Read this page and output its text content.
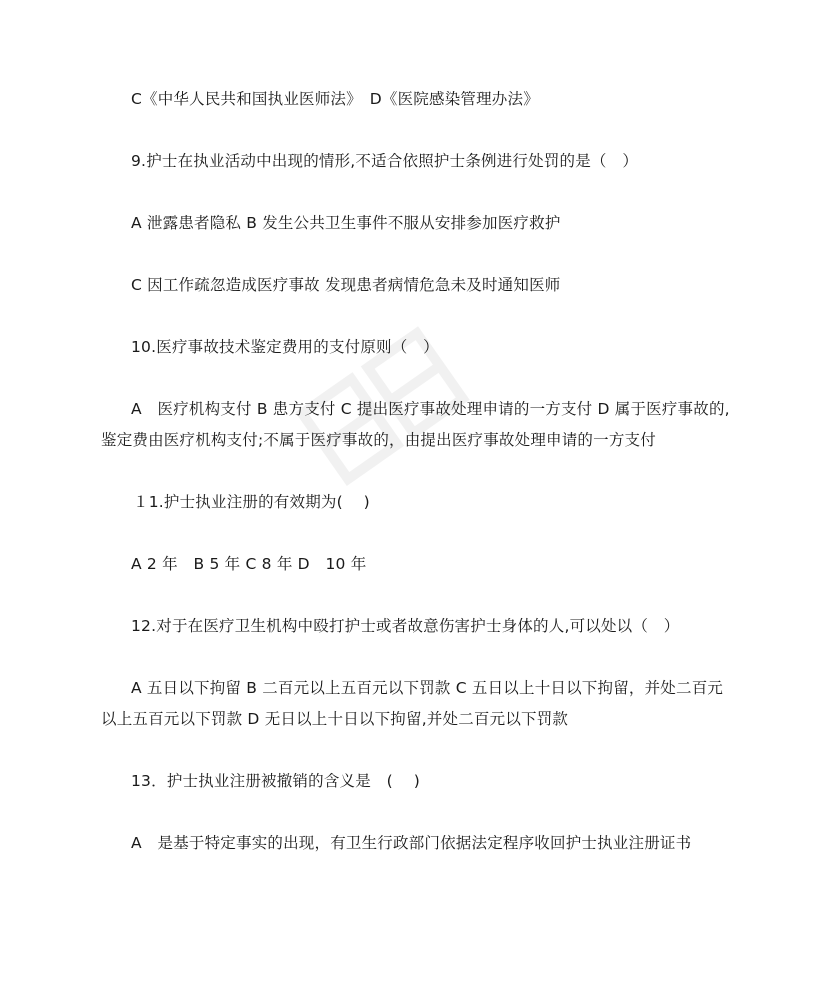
C《中华人民共和国执业医师法》　D《医院感染管理办法》
9.护士在执业活动中出现的情形,不适合依照护士条例进行处罚的是（　）
A 泄露患者隐私 B 发生公共卫生事件不服从安排参加医疗救护
C 因工作疏忽造成医疗事故 发现患者病情危急未及时通知医师
10.医疗事故技术鉴定费用的支付原则（　）
A　医疗机构支付 B 患方支付 C 提出医疗事故处理申请的一方支付 D 属于医疗事故的,
鉴定费由医疗机构支付;不属于医疗事故的，由提出医疗事故处理申请的一方支付
１1.护士执业注册的有效期为(　 )
A 2 年　B 5 年 C 8 年 D　10 年
12.对于在医疗卫生机构中殴打护士或者故意伤害护士身体的人,可以处以（　）
A 五日以下拘留 B 二百元以上五百元以下罚款 C 五日以上十日以下拘留，并处二百元
以上五百元以下罚款 D 无日以上十日以下拘留,并处二百元以下罚款
13．护士执业注册被撤销的含义是　(　 )
A　是基于特定事实的出现，有卫生行政部门依据法定程序收回护士执业注册证书
